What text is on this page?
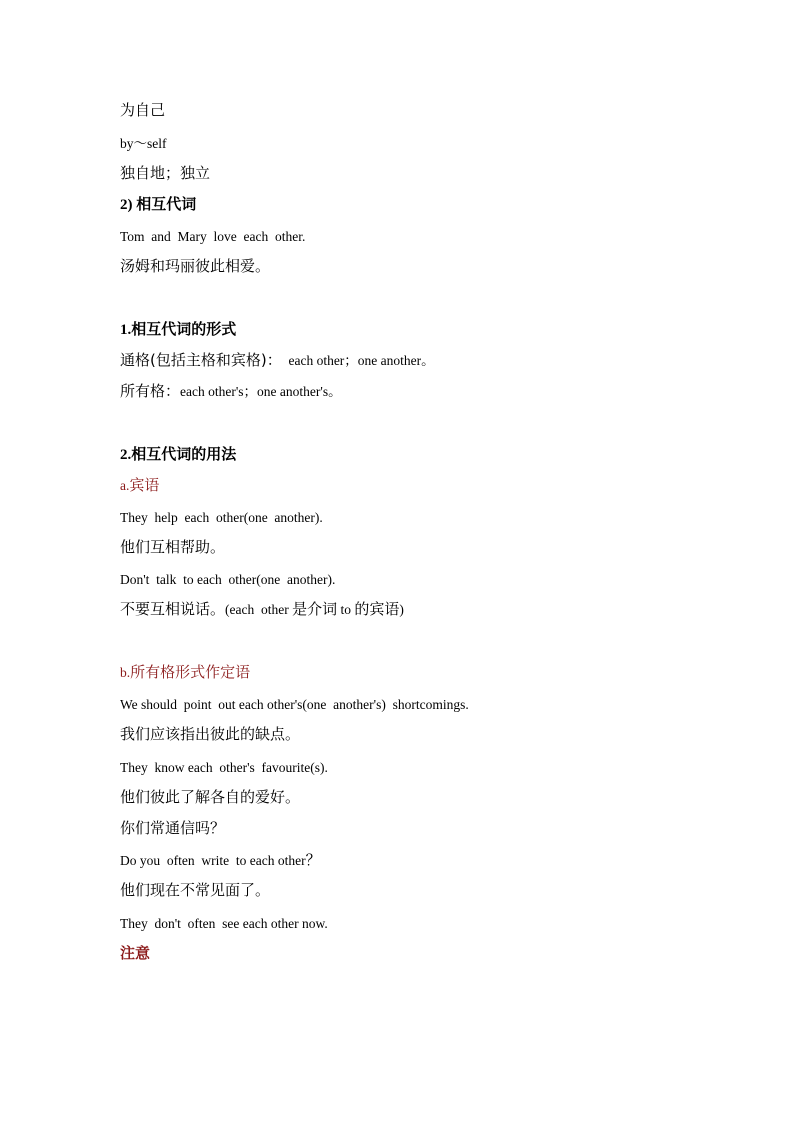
为自己
by～self
独自地；独立
2) 相互代词
Tom  and  Mary  love  each  other.
汤姆和玛丽彼此相爱。
1.相互代词的形式
通格(包括主格和宾格)：  each other；one another。
所有格：each other's；one another's。
2.相互代词的用法
a.宾语
They  help  each  other(one  another).
他们互相帮助。
Don't  talk  to each  other(one  another).
不要互相说话。(each  other 是介词 to 的宾语)
b.所有格形式作定语
We should  point  out each other's(one  another's)  shortcomings.
我们应该指出彼此的缺点。
They  know each  other's  favourite(s).
他们彼此了解各自的爱好。
你们常通信吗？
Do you  often  write  to each other？
他们现在不常见面了。
They  don't  often  see each other now.
注意
